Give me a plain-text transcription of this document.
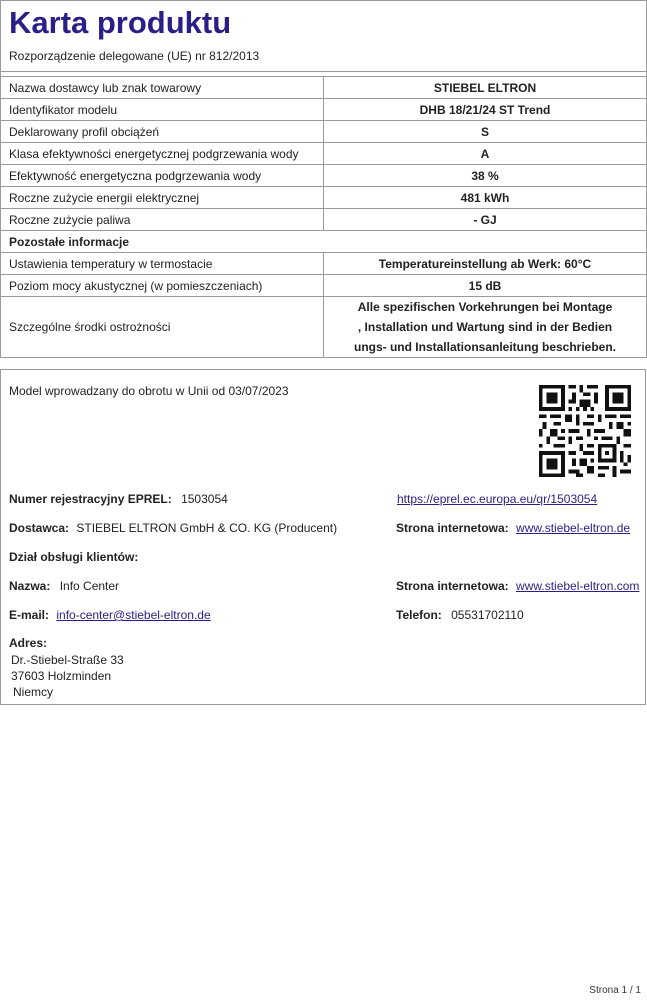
Karta produktu
Rozporządzenie delegowane (UE) nr 812/2013
Nazwa dostawcy lub znak towarowy	STIEBEL ELTRON
Identyfikator modelu	DHB 18/21/24 ST Trend
Deklarowany profil obciążeń	S
Klasa efektywności energetycznej podgrzewania wody	A
Efektywność energetyczna podgrzewania wody	38 %
Roczne zużycie energii elektrycznej	481 kWh
Roczne zużycie paliwa	- GJ
Pozostałe informacje	
Ustawienia temperatury w termostacie	Temperatureinstellung ab Werk: 60°C
Poziom mocy akustycznej (w pomieszczeniach)	15 dB
Szczególne środki ostrożności	Alle spezifischen Vorkehrungen bei Montage
, Installation und Wartung sind in der Bedien
ungs- und Installationsanleitung beschrieben.
Model wprowadzany do obrotu w Unii od 03/07/2023
Numer rejestracyjny EPREL: 1503054	https://eprel.ec.europa.eu/qr/1503054
Dostawca: STIEBEL ELTRON GmbH & CO. KG (Producent)	Strona internetowa: www.stiebel-eltron.de
Dział obsługi klientów:
Nazwa: Info Center	Strona internetowa: www.stiebel-eltron.com
E-mail: info-center@stiebel-eltron.de	Telefon: 05531702110
Adres:
Dr.-Stiebel-Straße 33
37603 Holzminden
Niemcy
Strona 1 / 1
